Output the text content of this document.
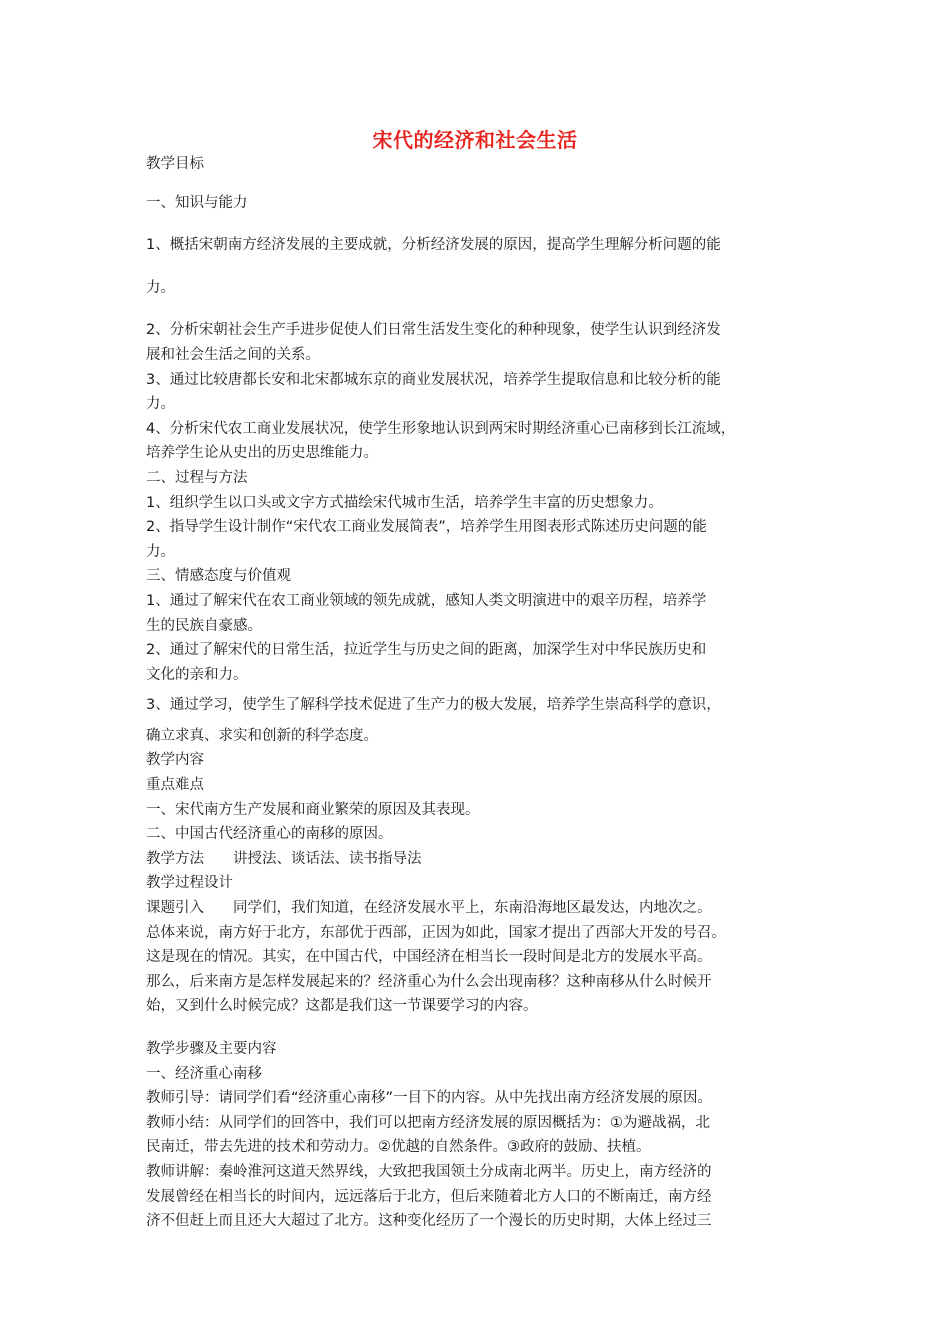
宋代的经济和社会生活
教学目标
一、知识与能力
1、概括宋朝南方经济发展的主要成就，分析经济发展的原因，提高学生理解分析问题的能
力。
2、分析宋朝社会生产手进步促使人们日常生活发生变化的种种现象，使学生认识到经济发
展和社会生活之间的关系。
3、通过比较唐都长安和北宋都城东京的商业发展状况，培养学生提取信息和比较分析的能
力。
4、分析宋代农工商业发展状况，使学生形象地认识到两宋时期经济重心已南移到长江流域，
培养学生论从史出的历史思维能力。
二、过程与方法
1、组织学生以口头或文字方式描绘宋代城市生活，培养学生丰富的历史想象力。
2、指导学生设计制作“宋代农工商业发展简表”，培养学生用图表形式陈述历史问题的能
力。
三、情感态度与价值观
1、通过了解宋代在农工商业领域的领先成就，感知人类文明演进中的艰辛历程，培养学
生的民族自豪感。
2、通过了解宋代的日常生活，拉近学生与历史之间的距离，加深学生对中华民族历史和
文化的亲和力。
3、通过学习，使学生了解科学技术促进了生产力的极大发展，培养学生崇高科学的意识，
确立求真、求实和创新的科学态度。
教学内容
重点难点
一、宋代南方生产发展和商业繁荣的原因及其表现。
二、中国古代经济重心的南移的原因。
教学方法　　讲授法、谈话法、读书指导法
教学过程设计
课题引入　　同学们，我们知道，在经济发展水平上，东南沿海地区最发达，内地次之。
总体来说，南方好于北方，东部优于西部，正因为如此，国家才提出了西部大开发的号召。
这是现在的情况。其实，在中国古代，中国经济在相当长一段时间是北方的发展水平高。
那么，后来南方是怎样发展起来的？经济重心为什么会出现南移？这种南移从什么时候开
始，又到什么时候完成？这都是我们这一节课要学习的内容。
教学步骤及主要内容
一、经济重心南移
教师引导：请同学们看“经济重心南移”一目下的内容。从中先找出南方经济发展的原因。
教师小结：从同学们的回答中，我们可以把南方经济发展的原因概括为：①为避战祸，北
民南迁，带去先进的技术和劳动力。②优越的自然条件。③政府的鼓励、扶植。
教师讲解：秦岭淮河这道天然界线，大致把我国领土分成南北两半。历史上，南方经济的
发展曾经在相当长的时间内，远远落后于北方，但后来随着北方人口的不断南迁，南方经
济不但赶上而且还大大超过了北方。这种变化经历了一个漫长的历史时期，大体上经过三
